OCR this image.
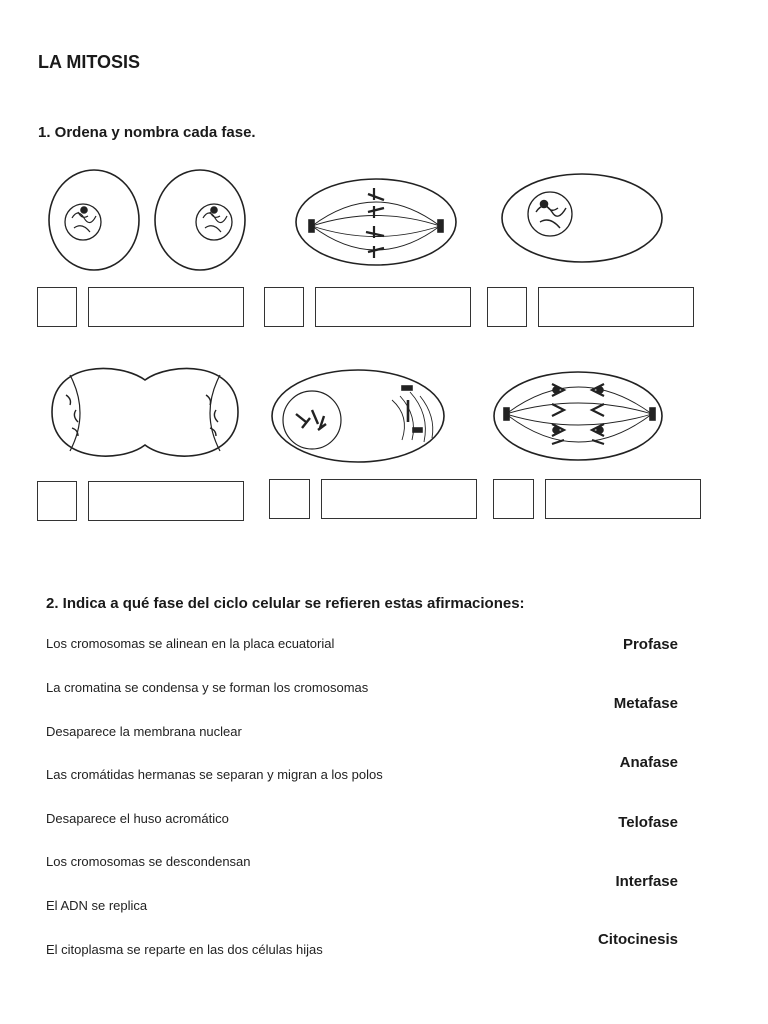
LA MITOSIS
1. Ordena y nombra cada fase.
2. Indica a qué fase del ciclo celular se refieren estas afirmaciones:
Los cromosomas se alinean en la placa ecuatorial
La cromatina se condensa y se forman los cromosomas
Desaparece la membrana nuclear
Las cromátidas hermanas se separan y migran a los polos
Desaparece el huso acromático
Los cromosomas se descondensan
El ADN se replica
El citoplasma se reparte en las dos células hijas
Profase
Metafase
Anafase
Telofase
Interfase
Citocinesis
